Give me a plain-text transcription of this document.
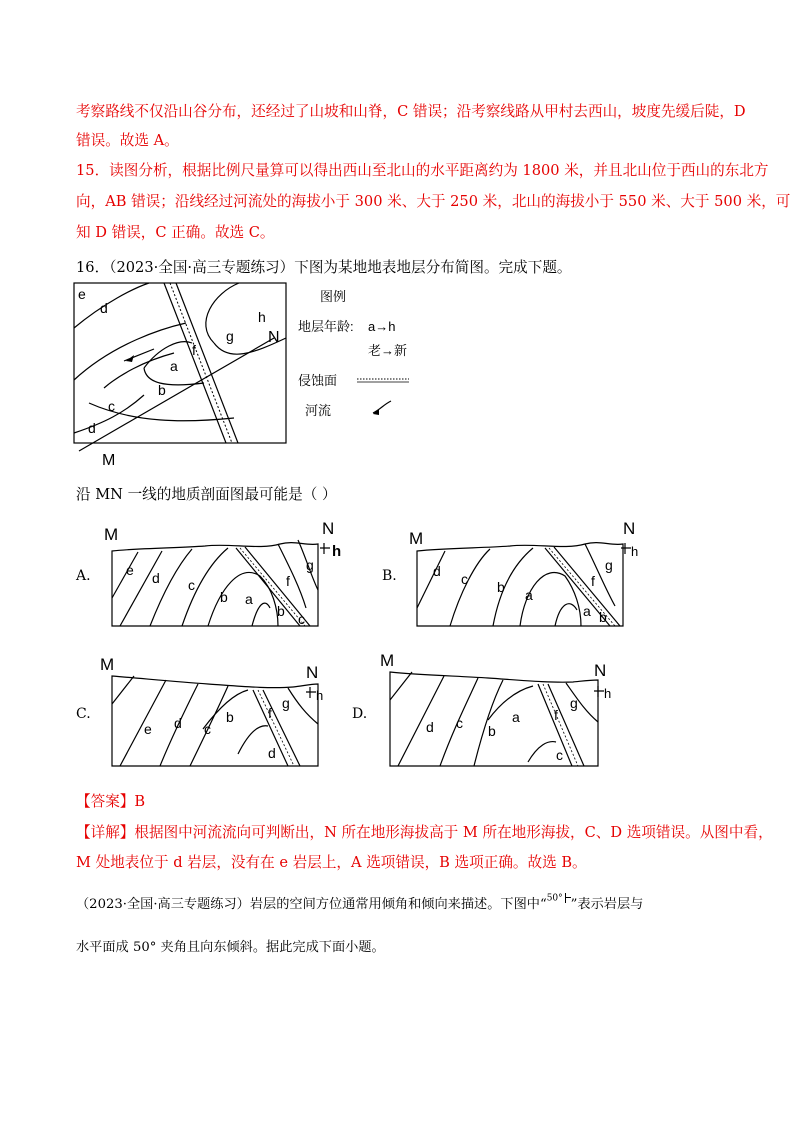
考察路线不仅沿山谷分布，还经过了山坡和山脊，C 错误；沿考察线路从甲村去西山，坡度先缓后陡，D
错误。故选 A。
15．读图分析，根据比例尺量算可以得出西山至北山的水平距离约为 1800 米，并且北山位于西山的东北方
向，AB 错误；沿线经过河流处的海拔小于 300 米、大于 250 米，北山的海拔小于 550 米、大于 500 米，可
知 D 错误，C 正确。故选 C。
16．（2023·全国·高三专题练习）下图为某地地表地层分布简图。完成下题。
e
d
a
b
c
d
f
g
h
N
M
图例
地层年龄: a→h
老→新
侵蚀面
河流
沿 MN 一线的地质剖面图最可能是（ ）
A.
M	N
h
e d c
b a
f
g
b c
B.
M
N
h
d c b a
f
g
a b
C.
M	N
h
e d c
b f
g
d
D.
M
N
h
d c b
a f
g
c
【答案】B
【详解】根据图中河流流向可判断出，N 所在地形海拔高于 M 所在地形海拔，C、D 选项错误。从图中看，
M 处地表位于 d 岩层，没有在 e 岩层上，A 选项错误，B 选项正确。故选 B。
（2023·全国·高三专题练习）岩层的空间方位通常用倾角和倾向来描述。下图中“50° ”表示岩层与
水平面成 50° 夹角且向东倾斜。据此完成下面小题。
